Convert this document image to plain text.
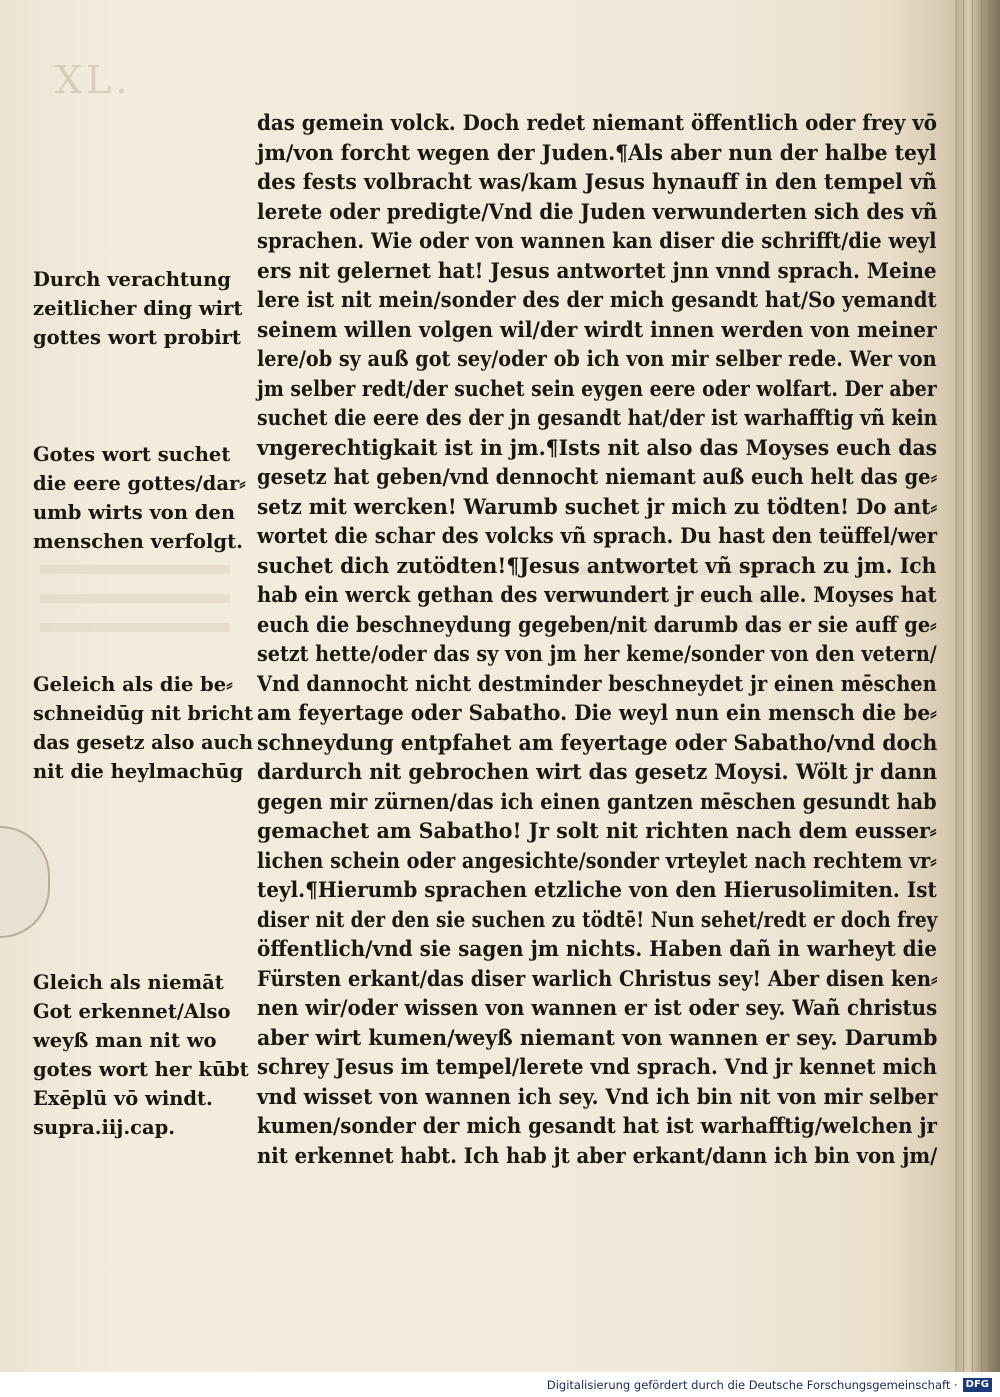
XL.
das gemein volck. Doch redet niemant öffentlich oder frey vō
jm/von forcht wegen der Juden.¶Als aber nun der halbe teyl
des fests volbracht was/kam Jesus hynauff in den tempel vñ
lerete oder predigte/Vnd die Juden verwunderten sich des vñ
sprachen. Wie oder von wannen kan diser die schrifft/die weyl
ers nit gelernet hat! Jesus antwortet jnn vnnd sprach. Meine
lere ist nit mein/sonder des der mich gesandt hat/So yemandt
seinem willen volgen wil/der wirdt innen werden von meiner
lere/ob sy auß got sey/oder ob ich von mir selber rede. Wer von
jm selber redt/der suchet sein eygen eere oder wolfart. Der aber
suchet die eere des der jn gesandt hat/der ist warhafftig vñ kein
vngerechtigkait ist in jm.¶Ists nit also das Moyses euch das
gesetz hat geben/vnd dennocht niemant auß euch helt das ge⸗
setz mit wercken! Warumb suchet jr mich zu tödten! Do ant⸗
wortet die schar des volcks vñ sprach. Du hast den teüffel/wer
suchet dich zutödten!¶Jesus antwortet vñ sprach zu jm. Ich
hab ein werck gethan des verwundert jr euch alle. Moyses hat
euch die beschneydung gegeben/nit darumb das er sie auff ge⸗
setzt hette/oder das sy von jm her keme/sonder von den vetern/
Vnd dannocht nicht destminder beschneydet jr einen mēschen
am feyertage oder Sabatho. Die weyl nun ein mensch die be⸗
schneydung entpfahet am feyertage oder Sabatho/vnd doch
dardurch nit gebrochen wirt das gesetz Moysi. Wölt jr dann
gegen mir zürnen/das ich einen gantzen mēschen gesundt hab
gemachet am Sabatho! Jr solt nit richten nach dem eusser⸗
lichen schein oder angesichte/sonder vrteylet nach rechtem vr⸗
teyl.¶Hierumb sprachen etzliche von den Hierusolimiten. Ist
diser nit der den sie suchen zu tödtē! Nun sehet/redt er doch frey
öffentlich/vnd sie sagen jm nichts. Haben dañ in warheyt die
Fürsten erkant/das diser warlich Christus sey! Aber disen ken⸗
nen wir/oder wissen von wannen er ist oder sey. Wañ christus
aber wirt kumen/weyß niemant von wannen er sey. Darumb
schrey Jesus im tempel/lerete vnd sprach. Vnd jr kennet mich
vnd wisset von wannen ich sey. Vnd ich bin nit von mir selber
kumen/sonder der mich gesandt hat ist warhafftig/welchen jr
nit erkennet habt. Ich hab jt aber erkant/dann ich bin von jm/
Durch verachtung
zeitlicher ding wirt
gottes wort probirt
Gotes wort suchet
die eere gottes/dar⸗
umb wirts von den
menschen verfolgt.
Geleich als die be⸗
schneidūg nit bricht
das gesetz also auch
nit die heylmachūg
Gleich als niemāt
Got erkennet/Also
weyß man nit wo
gotes wort her kūbt
Exēplū vō windt.
supra.iij.cap.
Digitalisierung gefördert durch die Deutsche Forschungsgemeinschaft · DFG
